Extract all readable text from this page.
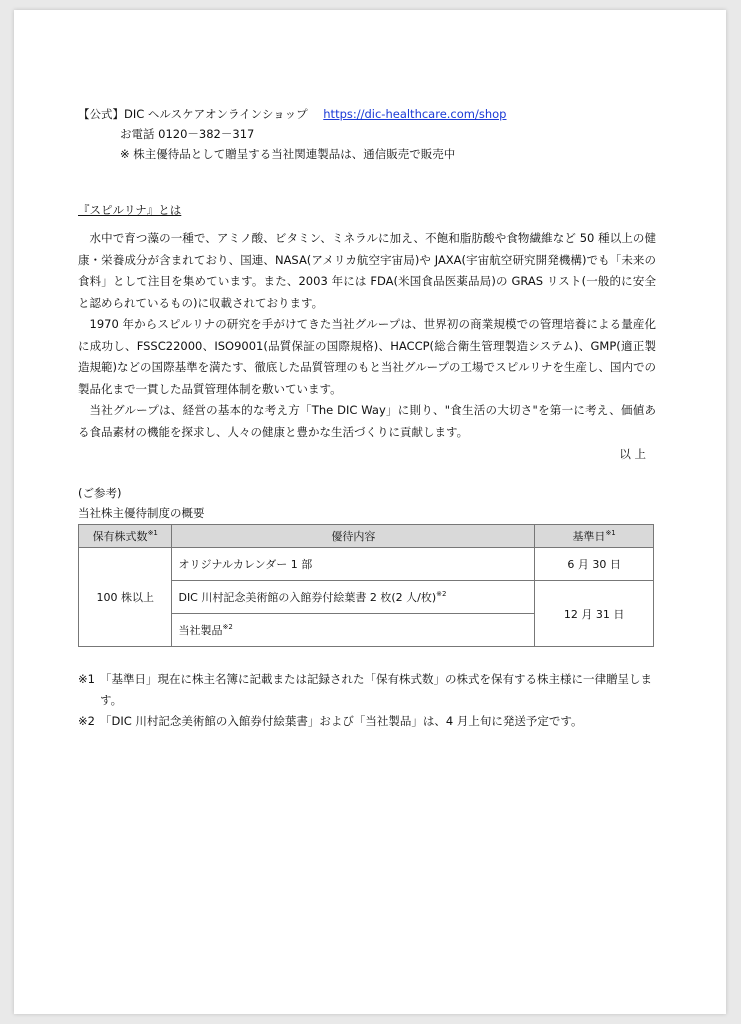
【公式】DIC ヘルスケアオンラインショップ https://dic-healthcare.com/shop
お電話 0120－382－317
※ 株主優待品として贈呈する当社関連製品は、通信販売で販売中
『スピルリナ』とは

水中で育つ藻の一種で、アミノ酸、ビタミン、ミネラルに加え、不飽和脂肪酸や食物繊維など 50 種以上の健康・栄養成分が含まれており、国連、NASA(アメリカ航空宇宙局)や JAXA(宇宙航空研究開発機構)でも「未来の食料」として注目を集めています。また、2003 年には FDA(米国食品医薬品局)の GRAS リスト(一般的に安全と認められているもの)に収載されております。

1970 年からスピルリナの研究を手がけてきた当社グループは、世界初の商業規模での管理培養による量産化に成功し、FSSC22000、ISO9001(品質保証の国際規格)、HACCP(総合衛生管理製造システム)、GMP(適正製造規範)などの国際基準を満たす、徹底した品質管理のもと当社グループの工場でスピルリナを生産し、国内での製品化まで一貫した品質管理体制を敷いています。

当社グループは、経営の基本的な考え方「The DIC Way」に則り、"食生活の大切さ"を第一に考え、価値ある食品素材の機能を探求し、人々の健康と豊かな生活づくりに貢献します。

以 上
(ご参考)
当社株主優待制度の概要
保有株式数$^{※1}$	優待内容	基準日$^{※1}$
100 株以上	オリジナルカレンダー 1 部	6 月 30 日
	DIC 川村記念美術館の入館券付絵葉書 2 枚(2 人/枚)$^{※2}$	12 月 31 日
	当社製品$^{※2}$
※1 「基準日」現在に株主名簿に記載または記録された「保有株式数」の株式を保有する株主様に一律贈呈します。
※2 「DIC 川村記念美術館の入館券付絵葉書」および「当社製品」は、4 月上旬に発送予定です。
